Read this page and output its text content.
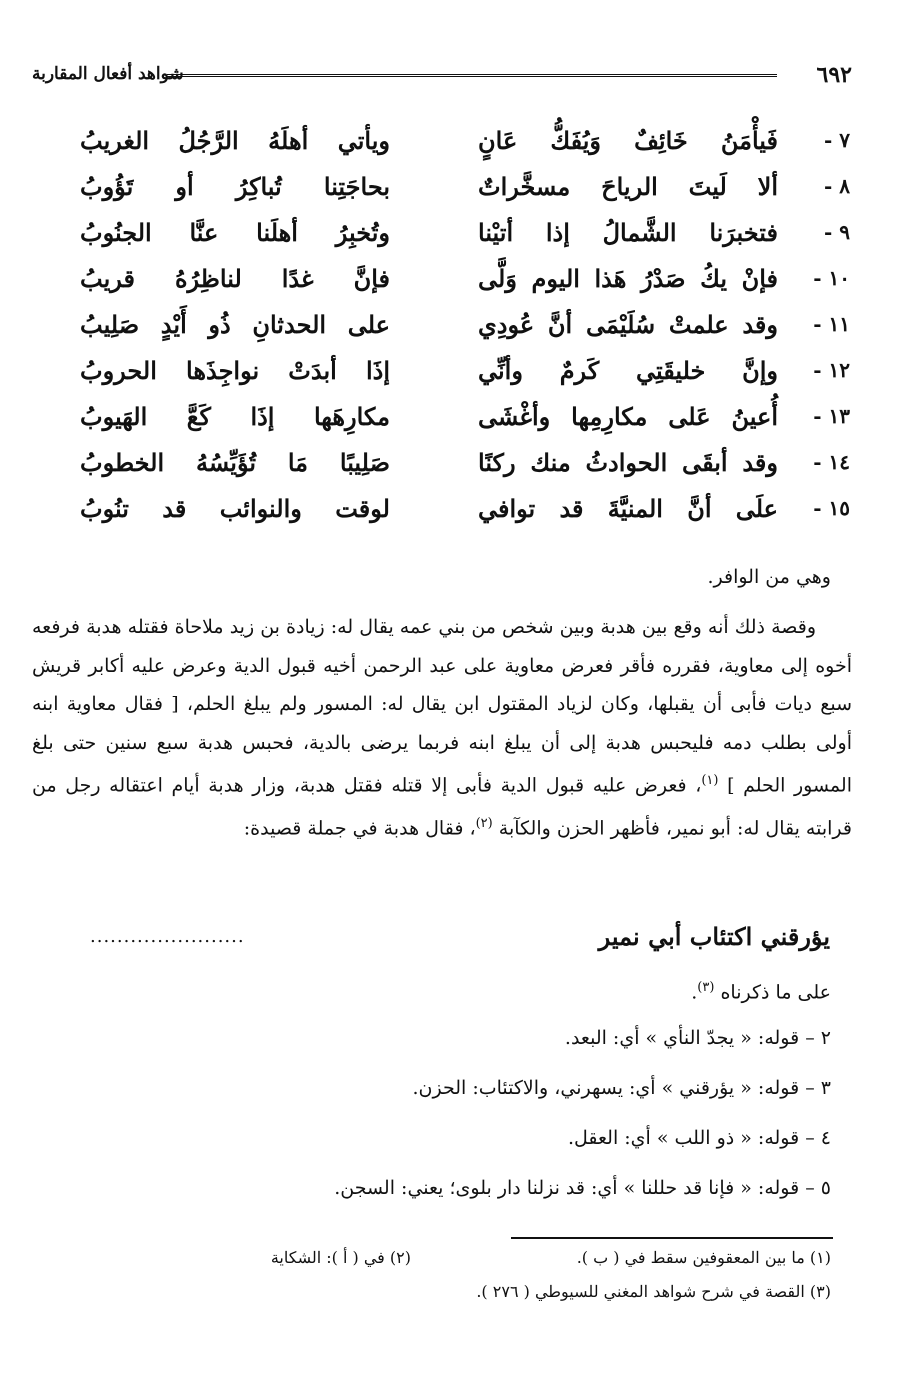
٦٩٢
شواهد أفعال المقاربة
٧ -
فَيأْمَنُ خَائِفٌ وَيُفَكُّ عَانٍ
ويأتي أهلَهُ الرَّجُلُ الغريبُ
٨ -
ألا لَيتَ الرياحَ مسخَّراتٌ
بحاجَتِنا تُباكِرُ أو تَؤُوبُ
٩ -
فتخبرَنا الشَّمالُ إذا أتيْنا
وتُخبِرُ أهلَنا عنَّا الجنُوبُ
١٠ -
فإنْ يكُ صَدْرُ هَذا اليوم وَلَّى
فإنَّ غدًا لناظِرُهُ قريبُ
١١ -
وقد علمتْ سُلَيْمَى أنَّ عُودِي
على الحدثانِ ذُو أَيْدٍ صَلِيبُ
١٢ -
وإنَّ خليقَتِي كَرمٌ وأنِّي
إذَا أبدَتْ نواجِذَها الحروبُ
١٣ -
أُعينُ عَلى مكارِمِها وأغْشَى
مكارِهَها إذَا كَعَّ الهَيوبُ
١٤ -
وقد أبقَى الحوادثُ منك ركنًا
صَلِيبًا مَا تُؤَيِّسُهُ الخطوبُ
١٥ -
علَى أنَّ المنيَّةَ قد توافي
لوقت والنوائب قد تنُوبُ
وهي من الوافر.

وقصة ذلك أنه وقع بين هدبة وبين شخص من بني عمه يقال له: زيادة بن زيد ملاحاة فقتله هدبة فرفعه أخوه إلى معاوية، فقرره فأقر فعرض معاوية على عبد الرحمن أخيه قبول الدية وعرض عليه أكابر قريش سبع ديات فأبى أن يقبلها، وكان لزياد المقتول ابن يقال له: المسور ولم يبلغ الحلم، [ فقال معاوية ابنه أولى بطلب دمه فليحبس هدبة إلى أن يبلغ ابنه فربما يرضى بالدية، فحبس هدبة سبع سنين حتى بلغ المسور الحلم ] $^{(١)}$، فعرض عليه قبول الدية فأبى إلا قتله فقتل هدبة، وزار هدبة أيام اعتقاله رجل من قرابته يقال له: أبو نمير، فأظهر الحزن والكآبة $^{(٢)}$، فقال هدبة في جملة قصيدة:

يؤرقني اكتئاب أبي نمير
.......................
على ما ذكرناه $^{(٣)}$.
٢ – قوله: « يجدّ النأي » أي: البعد.
٣ – قوله: « يؤرقني » أي: يسهرني، والاكتئاب: الحزن.
٤ – قوله: « ذو اللب » أي: العقل.
٥ – قوله: « فإنا قد حللنا » أي: قد نزلنا دار بلوى؛ يعني: السجن.
(١) ما بين المعقوفين سقط في ( ب ).
(٢) في ( أ ): الشكاية
(٣) القصة في شرح شواهد المغني للسيوطي ( ٢٧٦ ).
